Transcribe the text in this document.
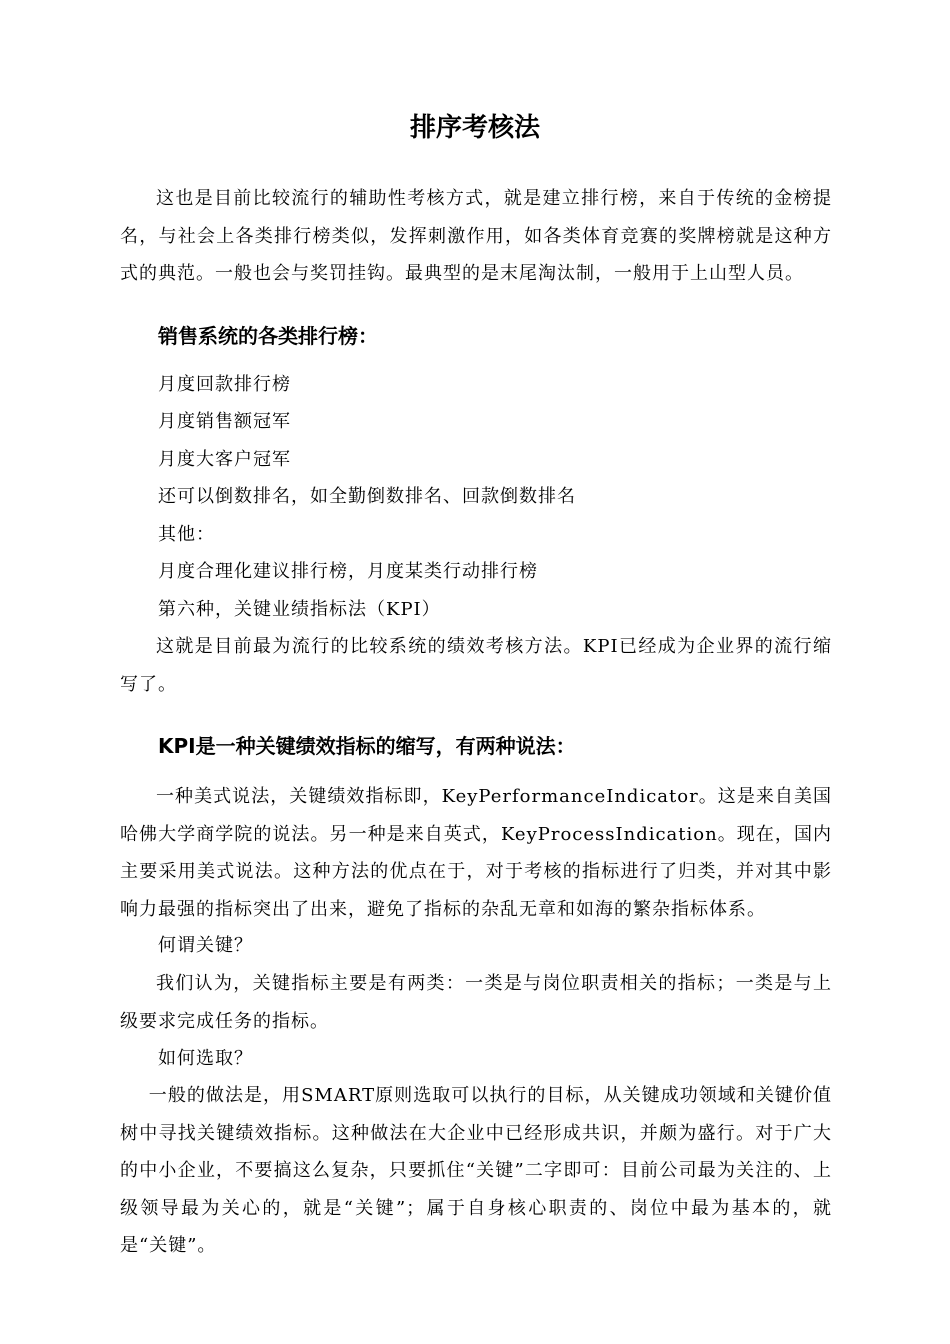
排序考核法

这也是目前比较流行的辅助性考核方式，就是建立排行榜，来自于传统的金榜提名，与社会上各类排行榜类似，发挥刺激作用，如各类体育竞赛的奖牌榜就是这种方式的典范。一般也会与奖罚挂钩。最典型的是末尾淘汰制，一般用于上山型人员。

销售系统的各类排行榜：

月度回款排行榜

月度销售额冠军

月度大客户冠军

还可以倒数排名，如全勤倒数排名、回款倒数排名

其他：

月度合理化建议排行榜，月度某类行动排行榜

第六种，关键业绩指标法（KPI）

这就是目前最为流行的比较系统的绩效考核方法。KPI已经成为企业界的流行缩写了。

KPI是一种关键绩效指标的缩写，有两种说法：

一种美式说法，关键绩效指标即，KeyPerformanceIndicator。这是来自美国哈佛大学商学院的说法。另一种是来自英式，KeyProcessIndication。现在，国内主要采用美式说法。这种方法的优点在于，对于考核的指标进行了归类，并对其中影响力最强的指标突出了出来，避免了指标的杂乱无章和如海的繁杂指标体系。

何谓关键？

我们认为，关键指标主要是有两类：一类是与岗位职责相关的指标；一类是与上级要求完成任务的指标。

如何选取？

一般的做法是，用SMART原则选取可以执行的目标，从关键成功领域和关键价值树中寻找关键绩效指标。这种做法在大企业中已经形成共识，并颇为盛行。对于广大的中小企业，不要搞这么复杂，只要抓住“关键”二字即可：目前公司最为关注的、上级领导最为关心的，就是“关键”；属于自身核心职责的、岗位中最为基本的，就是“关键”。
